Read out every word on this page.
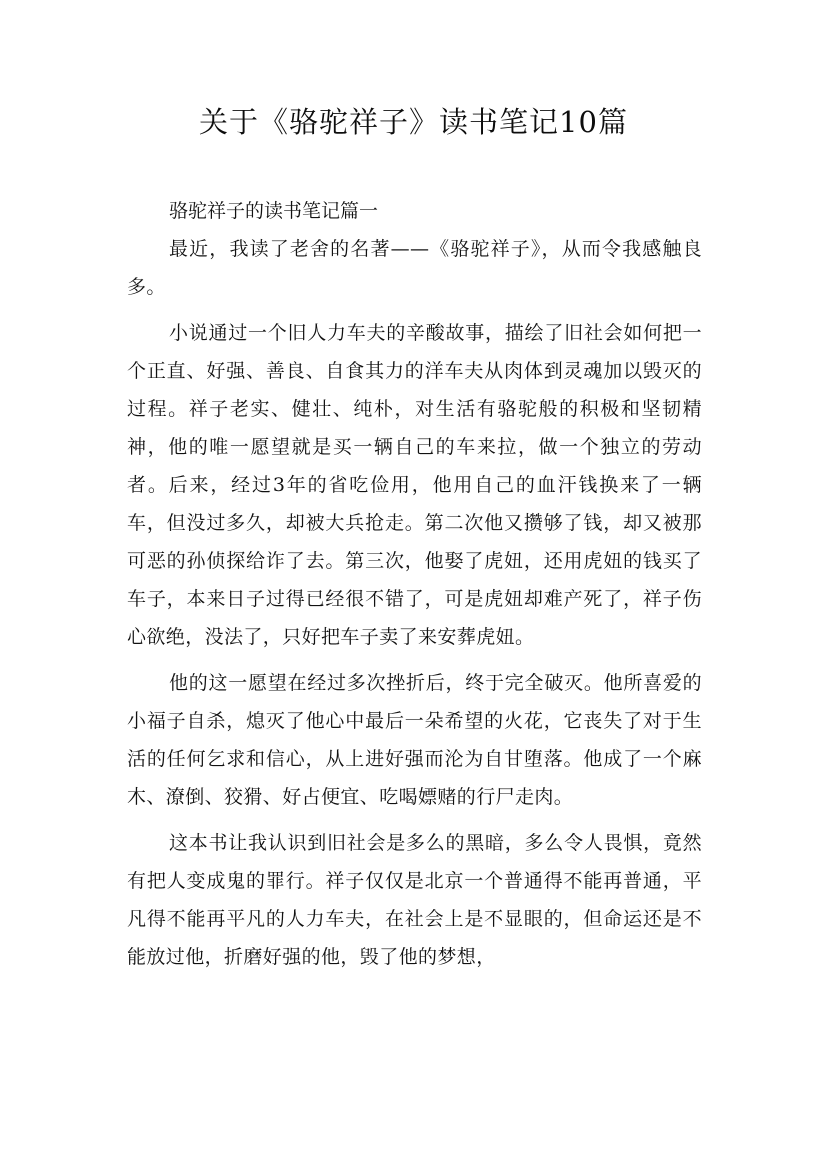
关于《骆驼祥子》读书笔记10篇

骆驼祥子的读书笔记篇一

最近，我读了老舍的名著——《骆驼祥子》，从而令我感触良多。

小说通过一个旧人力车夫的辛酸故事，描绘了旧社会如何把一个正直、好强、善良、自食其力的洋车夫从肉体到灵魂加以毁灭的过程。祥子老实、健壮、纯朴，对生活有骆驼般的积极和坚韧精神，他的唯一愿望就是买一辆自己的车来拉，做一个独立的劳动者。后来，经过3年的省吃俭用，他用自己的血汗钱换来了一辆车，但没过多久，却被大兵抢走。第二次他又攒够了钱，却又被那可恶的孙侦探给诈了去。第三次，他娶了虎妞，还用虎妞的钱买了车子，本来日子过得已经很不错了，可是虎妞却难产死了，祥子伤心欲绝，没法了，只好把车子卖了来安葬虎妞。

他的这一愿望在经过多次挫折后，终于完全破灭。他所喜爱的小福子自杀，熄灭了他心中最后一朵希望的火花，它丧失了对于生活的任何乞求和信心，从上进好强而沦为自甘堕落。他成了一个麻木、潦倒、狡猾、好占便宜、吃喝嫖赌的行尸走肉。

这本书让我认识到旧社会是多么的黑暗，多么令人畏惧，竟然有把人变成鬼的罪行。祥子仅仅是北京一个普通得不能再普通，平凡得不能再平凡的人力车夫，在社会上是不显眼的，但命运还是不能放过他，折磨好强的他，毁了他的梦想，
